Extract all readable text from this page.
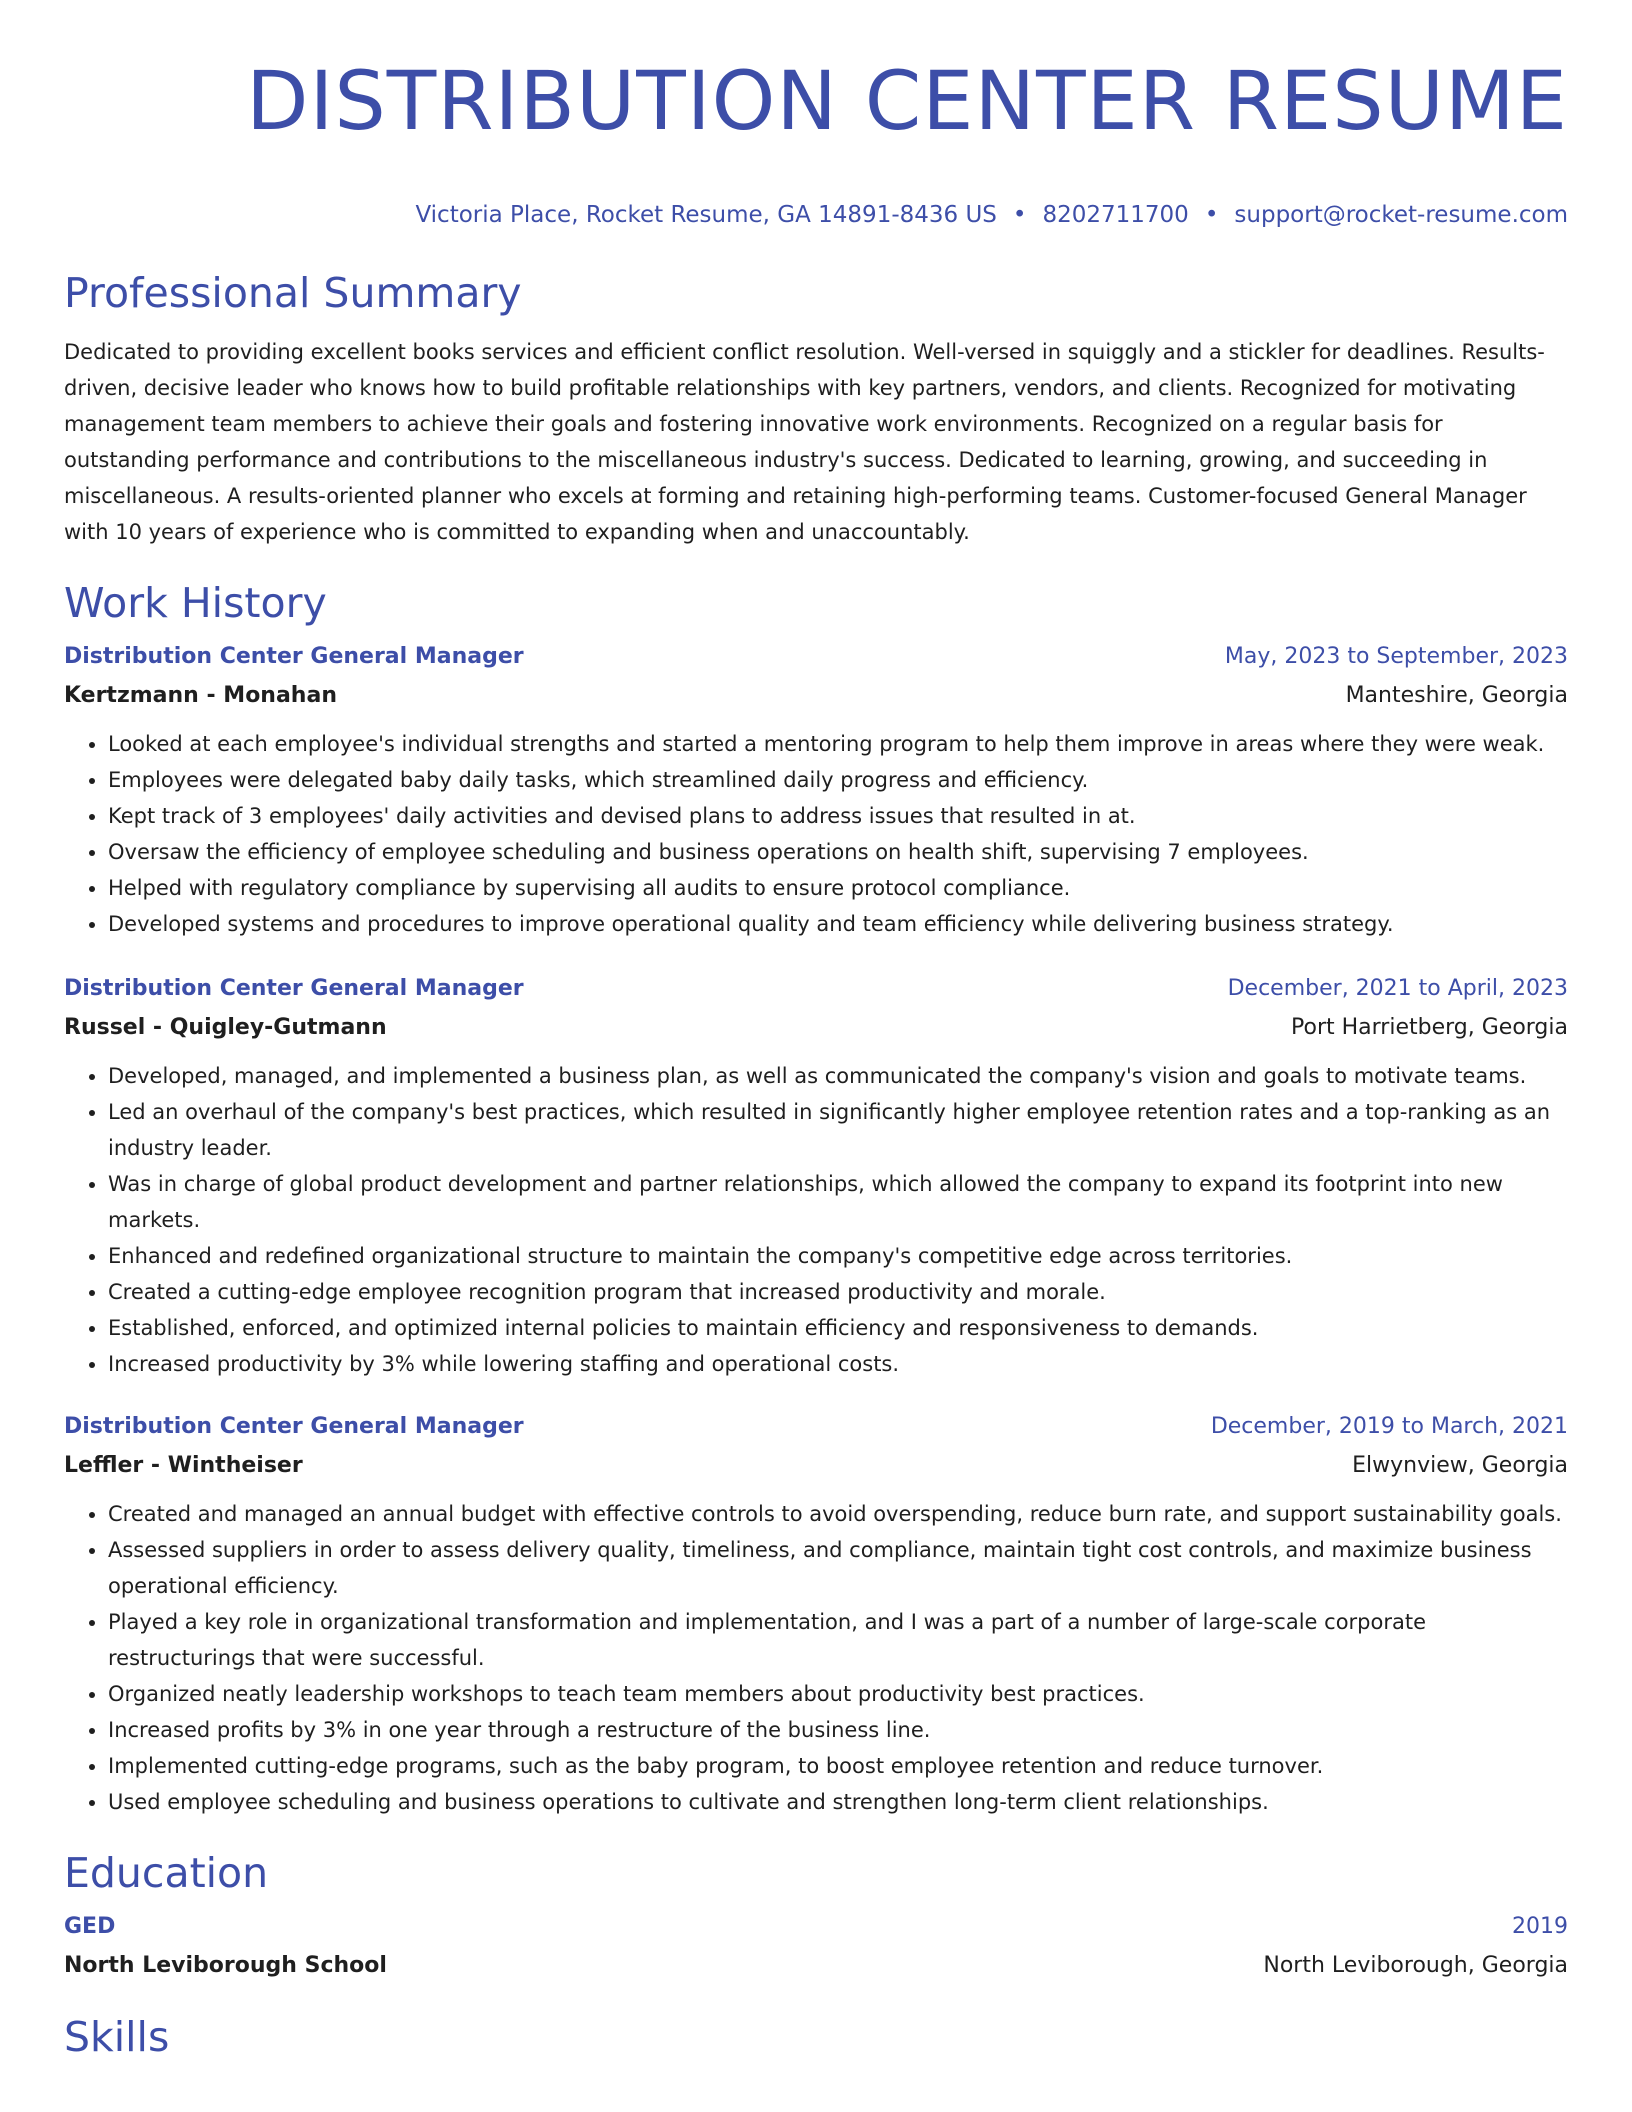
DISTRIBUTION CENTER RESUME
Victoria Place, Rocket Resume, GA 14891-8436 US • 8202711700 • support@rocket-resume.com
Professional Summary

Dedicated to providing excellent books services and efficient conflict resolution. Well-versed in squiggly and a stickler for deadlines. Results-driven, decisive leader who knows how to build profitable relationships with key partners, vendors, and clients. Recognized for motivating management team members to achieve their goals and fostering innovative work environments. Recognized on a regular basis for outstanding performance and contributions to the miscellaneous industry's success. Dedicated to learning, growing, and succeeding in miscellaneous. A results-oriented planner who excels at forming and retaining high-performing teams. Customer-focused General Manager with 10 years of experience who is committed to expanding when and unaccountably.

Work History
Distribution Center General Manager	May, 2023 to September, 2023
Kertzmann - Monahan	Manteshire, Georgia
• Looked at each employee's individual strengths and started a mentoring program to help them improve in areas where they were weak.
• Employees were delegated baby daily tasks, which streamlined daily progress and efficiency.
• Kept track of 3 employees' daily activities and devised plans to address issues that resulted in at.
• Oversaw the efficiency of employee scheduling and business operations on health shift, supervising 7 employees.
• Helped with regulatory compliance by supervising all audits to ensure protocol compliance.
• Developed systems and procedures to improve operational quality and team efficiency while delivering business strategy.
Distribution Center General Manager	December, 2021 to April, 2023
Russel - Quigley-Gutmann	Port Harrietberg, Georgia
• Developed, managed, and implemented a business plan, as well as communicated the company's vision and goals to motivate teams.
• Led an overhaul of the company's best practices, which resulted in significantly higher employee retention rates and a top-ranking as an industry leader.
• Was in charge of global product development and partner relationships, which allowed the company to expand its footprint into new markets.
• Enhanced and redefined organizational structure to maintain the company's competitive edge across territories.
• Created a cutting-edge employee recognition program that increased productivity and morale.
• Established, enforced, and optimized internal policies to maintain efficiency and responsiveness to demands.
• Increased productivity by 3% while lowering staffing and operational costs.
Distribution Center General Manager	December, 2019 to March, 2021
Leffler - Wintheiser	Elwynview, Georgia
• Created and managed an annual budget with effective controls to avoid overspending, reduce burn rate, and support sustainability goals.
• Assessed suppliers in order to assess delivery quality, timeliness, and compliance, maintain tight cost controls, and maximize business operational efficiency.
• Played a key role in organizational transformation and implementation, and I was a part of a number of large-scale corporate restructurings that were successful.
• Organized neatly leadership workshops to teach team members about productivity best practices.
• Increased profits by 3% in one year through a restructure of the business line.
• Implemented cutting-edge programs, such as the baby program, to boost employee retention and reduce turnover.
• Used employee scheduling and business operations to cultivate and strengthen long-term client relationships.
Education
GED	2019
North Leviborough School	North Leviborough, Georgia
Skills
